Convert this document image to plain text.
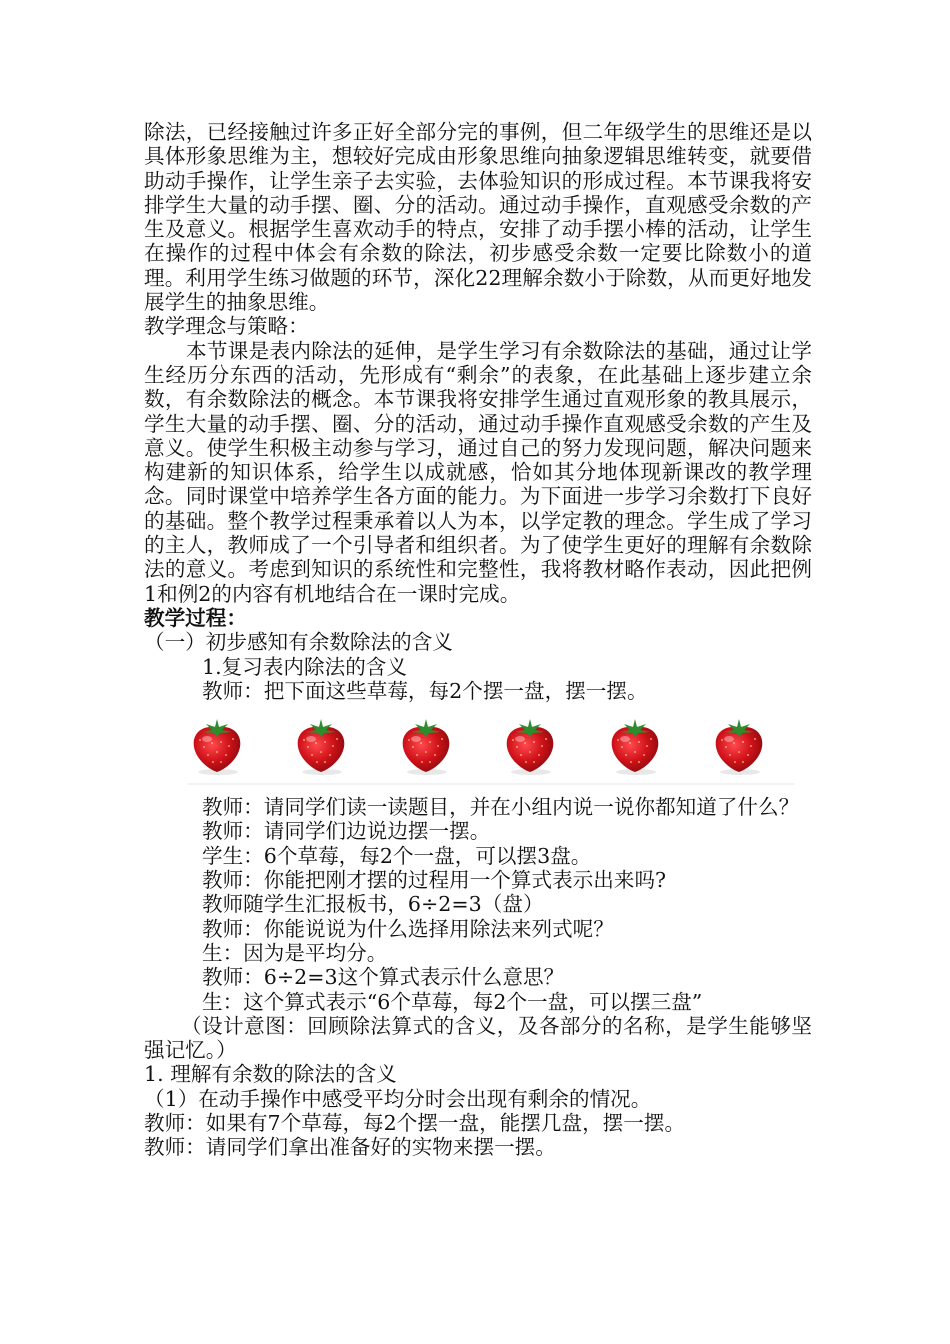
除法，已经接触过许多正好全部分完的事例，但二年级学生的思维还是以具体形象思维为主，想较好完成由形象思维向抽象逻辑思维转变，就要借助动手操作，让学生亲子去实验，去体验知识的形成过程。本节课我将安排学生大量的动手摆、圈、分的活动。通过动手操作，直观感受余数的产生及意义。根据学生喜欢动手的特点，安排了动手摆小棒的活动，让学生在操作的过程中体会有余数的除法，初步感受余数一定要比除数小的道理。利用学生练习做题的环节，深化22理解余数小于除数，从而更好地发展学生的抽象思维。

教学理念与策略：

本节课是表内除法的延伸，是学生学习有余数除法的基础，通过让学生经历分东西的活动，先形成有“剩余”的表象，在此基础上逐步建立余数，有余数除法的概念。本节课我将安排学生通过直观形象的教具展示，学生大量的动手摆、圈、分的活动，通过动手操作直观感受余数的产生及意义。使学生积极主动参与学习，通过自己的努力发现问题，解决问题来构建新的知识体系，给学生以成就感，恰如其分地体现新课改的教学理念。同时课堂中培养学生各方面的能力。为下面进一步学习余数打下良好的基础。整个教学过程秉承着以人为本，以学定教的理念。学生成了学习的主人，教师成了一个引导者和组织者。为了使学生更好的理解有余数除法的意义。考虑到知识的系统性和完整性，我将教材略作表动，因此把例1和例2的内容有机地结合在一课时完成。

教学过程：

（一）初步感知有余数除法的含义

1.复习表内除法的含义

教师：把下面这些草莓，每2个摆一盘，摆一摆。

教师：请同学们读一读题目，并在小组内说一说你都知道了什么？

教师：请同学们边说边摆一摆。

学生：6个草莓，每2个一盘，可以摆3盘。

教师：你能把刚才摆的过程用一个算式表示出来吗?

教师随学生汇报板书，6÷2=3（盘）

教师：你能说说为什么选择用除法来列式呢？

生：因为是平均分。

教师：6÷2=3这个算式表示什么意思？

生：这个算式表示“6个草莓，每2个一盘，可以摆三盘”

（设计意图：回顾除法算式的含义，及各部分的名称，是学生能够坚强记忆。）

1. 理解有余数的除法的含义

（1）在动手操作中感受平均分时会出现有剩余的情况。

教师：如果有7个草莓，每2个摆一盘，能摆几盘，摆一摆。

教师：请同学们拿出准备好的实物来摆一摆。
